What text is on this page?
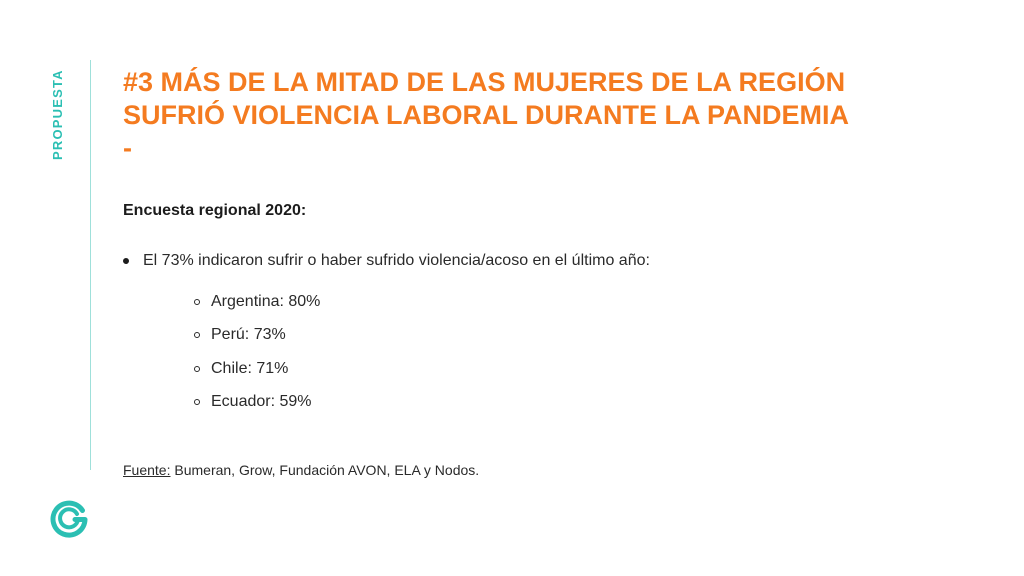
PROPUESTA #3 MÁS DE LA MITAD DE LAS MUJERES DE LA REGIÓN
SUFRIÓ VIOLENCIA LABORAL DURANTE LA PANDEMIA
-

Encuesta regional 2020:

El 73% indicaron sufrir o haber sufrido violencia/acoso en el último año:
Argentina: 80%
Perú: 73%
Chile: 71%
Ecuador: 59%
Fuente: Bumeran, Grow, Fundación AVON, ELA y Nodos.
